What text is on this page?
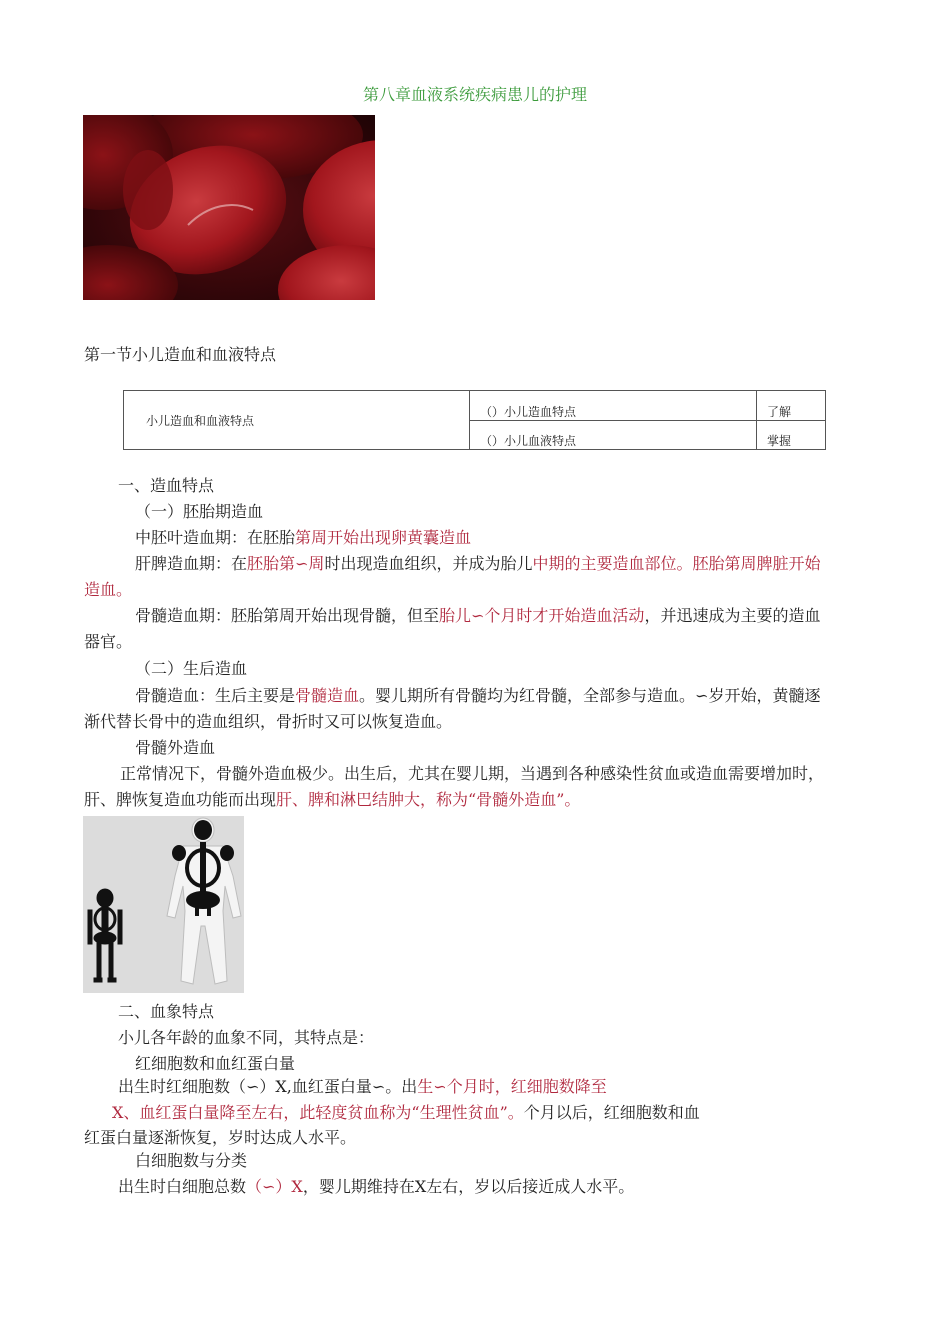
第八章血液系统疾病患儿的护理
第一节小儿造血和血液特点
小儿造血和血液特点	（）小儿造血特点	了解
	（）小儿血液特点	掌握
一、造血特点
（一）胚胎期造血
中胚叶造血期：在胚胎第周开始出现卵黄囊造血
肝脾造血期：在胚胎第∽周时出现造血组织，并成为胎儿中期的主要造血部位。胚胎第周脾脏开始
造血。
骨髓造血期：胚胎第周开始出现骨髓，但至胎儿∽个月时才开始造血活动，并迅速成为主要的造血
器官。
（二）生后造血
骨髓造血：生后主要是骨髓造血。婴儿期所有骨髓均为红骨髓，全部参与造血。∽岁开始，黄髓逐
渐代替长骨中的造血组织，骨折时又可以恢复造血。
骨髓外造血
正常情况下，骨髓外造血极少。出生后，尤其在婴儿期，当遇到各种感染性贫血或造血需要增加时，
肝、脾恢复造血功能而出现肝、脾和淋巴结肿大，称为“骨髓外造血”。
二、血象特点
小儿各年龄的血象不同，其特点是：
红细胞数和血红蛋白量
出生时红细胞数（∽）X,血红蛋白量∽。出生∽个月时，红细胞数降至
X、血红蛋白量降至左右，此轻度贫血称为“生理性贫血”。个月以后，红细胞数和血
红蛋白量逐渐恢复，岁时达成人水平。
白细胞数与分类
出生时白细胞总数（∽）X，婴儿期维持在X左右，岁以后接近成人水平。
